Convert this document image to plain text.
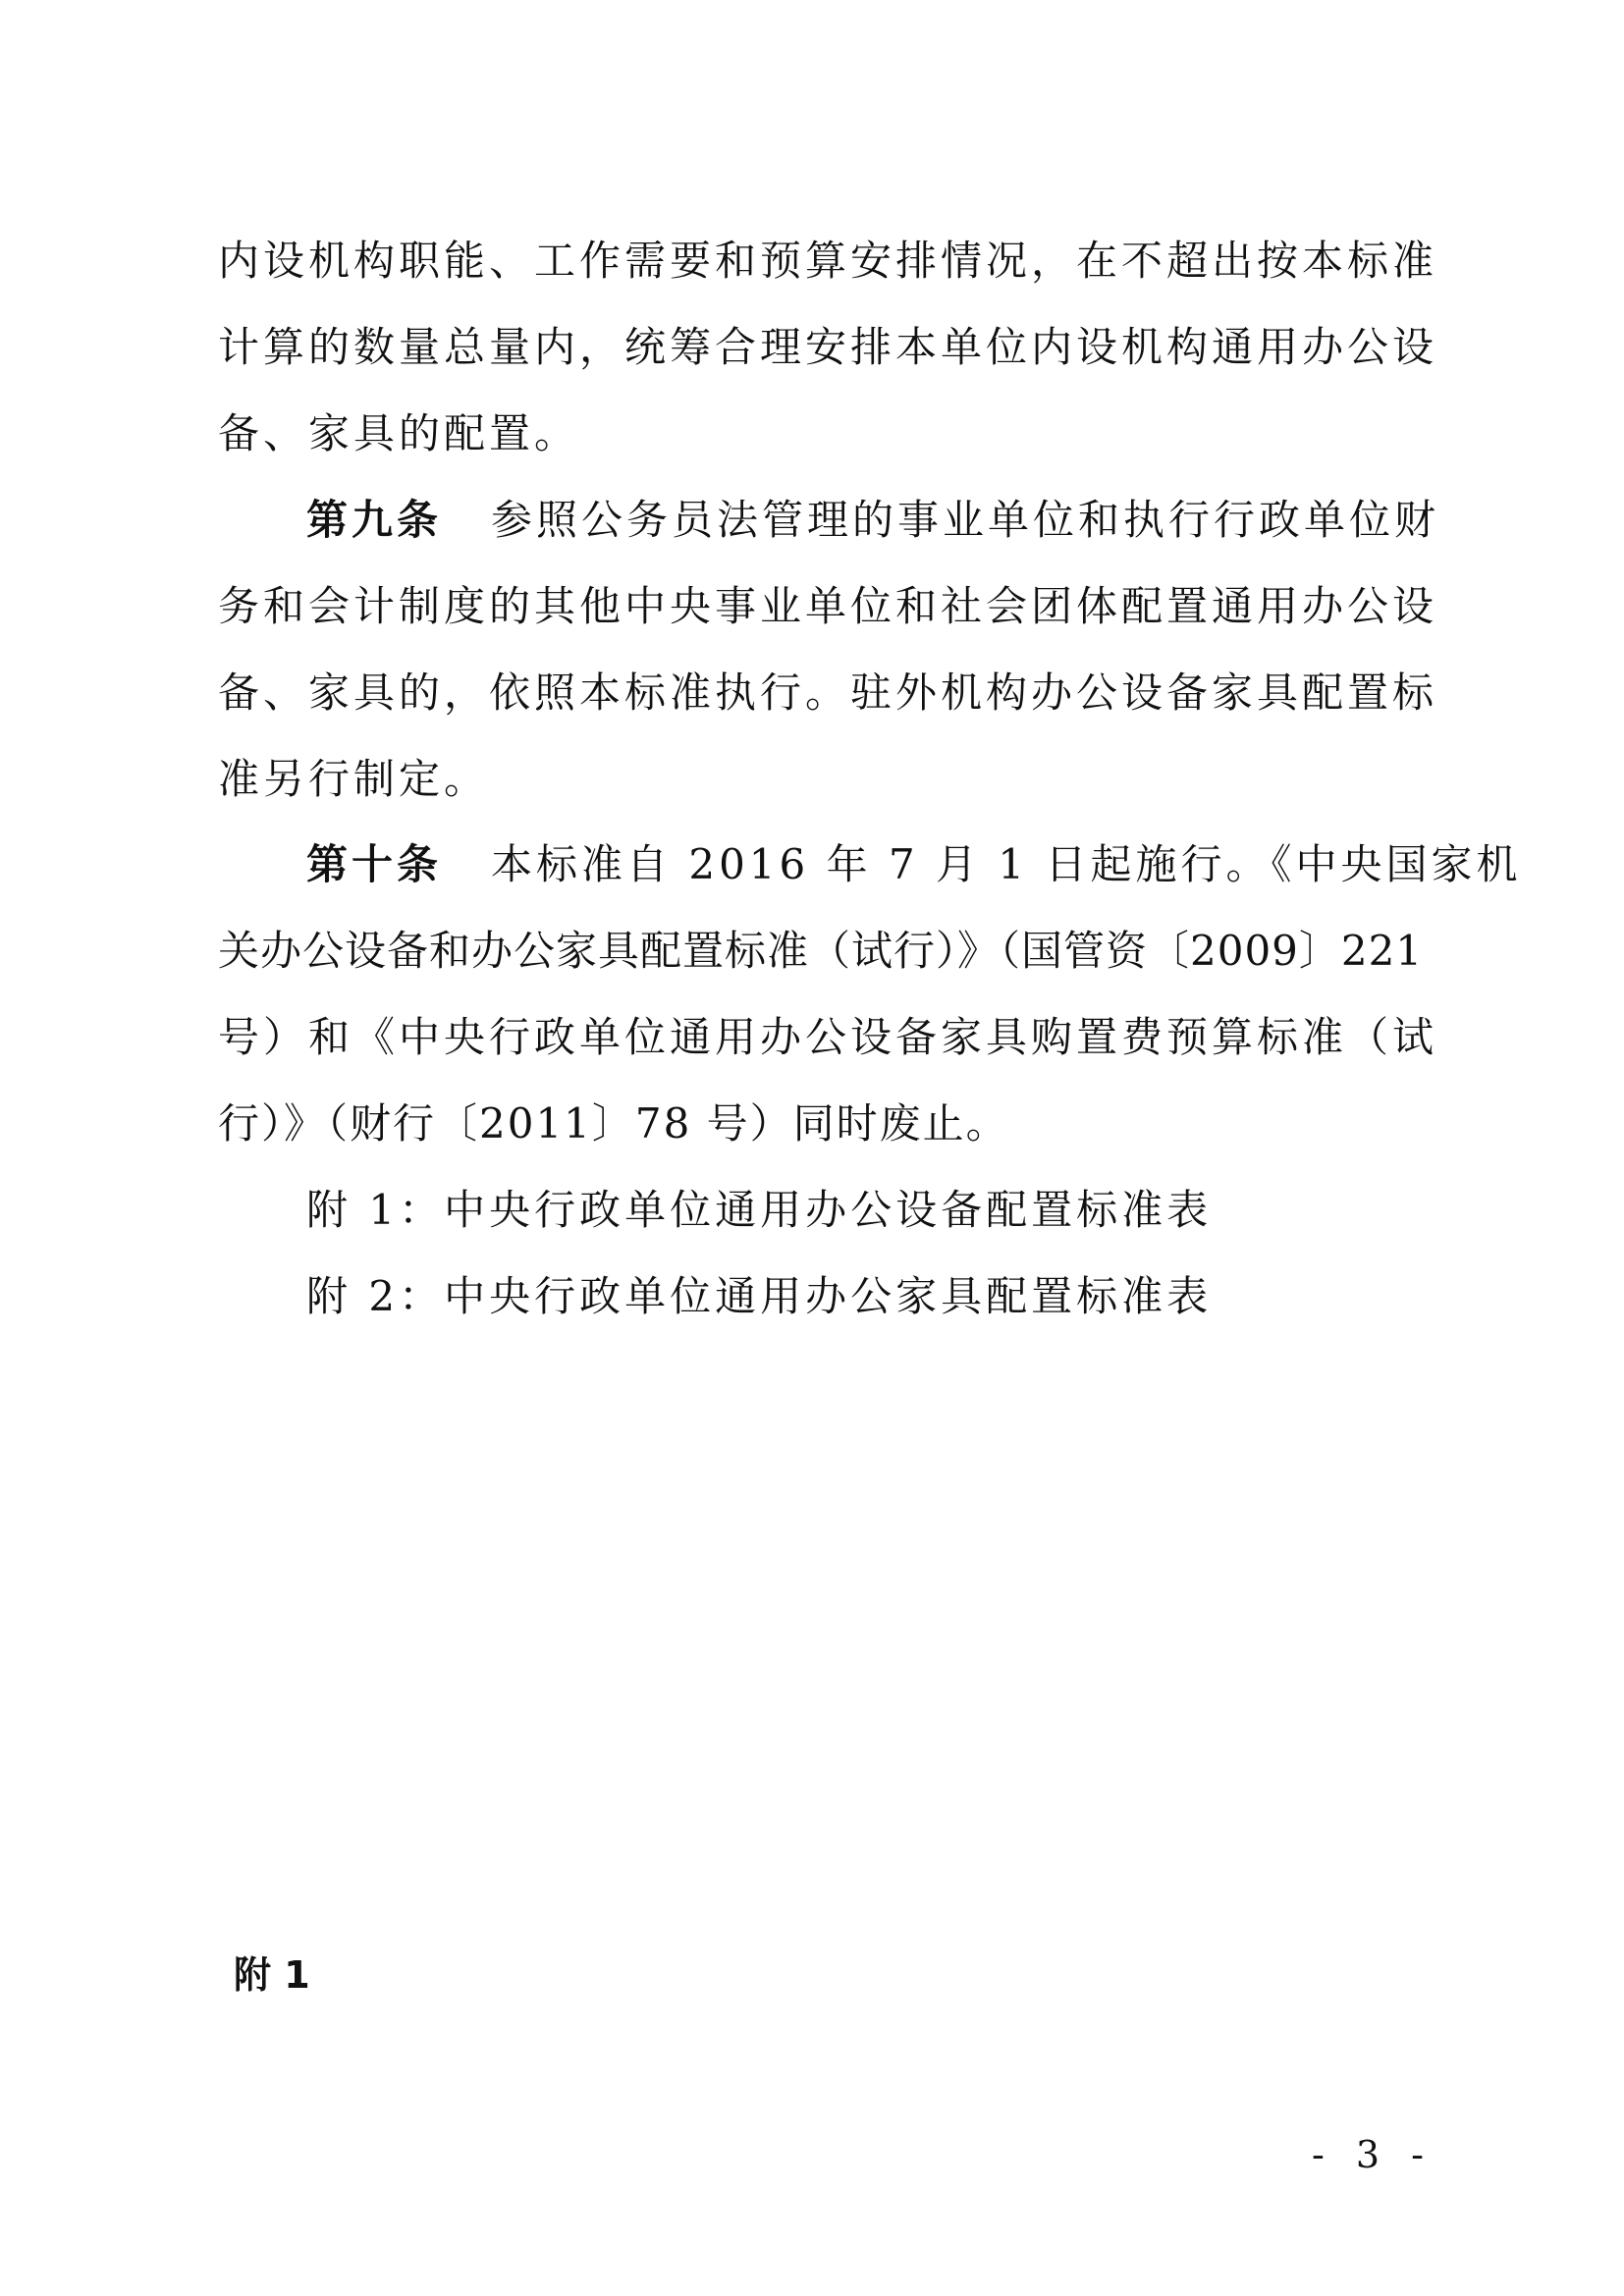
内设机构职能、工作需要和预算安排情况，在不超出按本标准
计算的数量总量内，统筹合理安排本单位内设机构通用办公设
备、家具的配置。
第九条 参照公务员法管理的事业单位和执行行政单位财
务和会计制度的其他中央事业单位和社会团体配置通用办公设
备、家具的，依照本标准执行。驻外机构办公设备家具配置标
准另行制定。
第十条 本标准自 2016 年 7 月 1 日起施行。《中央国家机
关办公设备和办公家具配置标准（试行）》（国管资〔2009〕221
号）和《中央行政单位通用办公设备家具购置费预算标准（试
行）》（财行〔2011〕78 号）同时废止。
附 1：中央行政单位通用办公设备配置标准表
附 2：中央行政单位通用办公家具配置标准表
附 1
- 3 -
